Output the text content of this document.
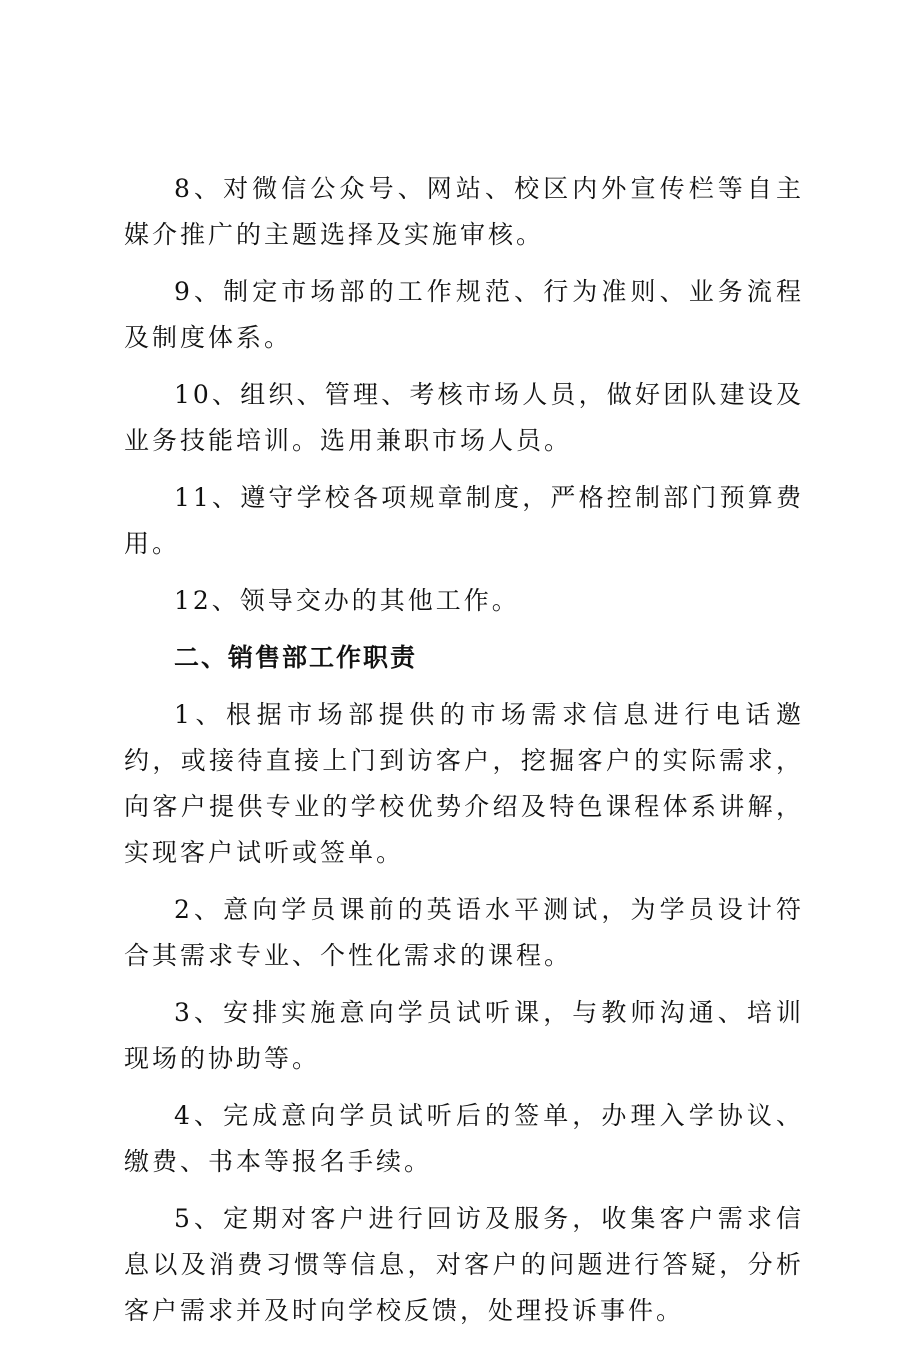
8、对微信公众号、网站、校区内外宣传栏等自主媒介推广的主题选择及实施审核。

9、制定市场部的工作规范、行为准则、业务流程及制度体系。

10、组织、管理、考核市场人员，做好团队建设及业务技能培训。选用兼职市场人员。

11、遵守学校各项规章制度，严格控制部门预算费用。

12、领导交办的其他工作。

二、销售部工作职责

1、根据市场部提供的市场需求信息进行电话邀约，或接待直接上门到访客户，挖掘客户的实际需求，向客户提供专业的学校优势介绍及特色课程体系讲解，实现客户试听或签单。

2、意向学员课前的英语水平测试，为学员设计符合其需求专业、个性化需求的课程。

3、安排实施意向学员试听课，与教师沟通、培训现场的协助等。

4、完成意向学员试听后的签单，办理入学协议、缴费、书本等报名手续。

5、定期对客户进行回访及服务，收集客户需求信息以及消费习惯等信息，对客户的问题进行答疑，分析客户需求并及时向学校反馈，处理投诉事件。
